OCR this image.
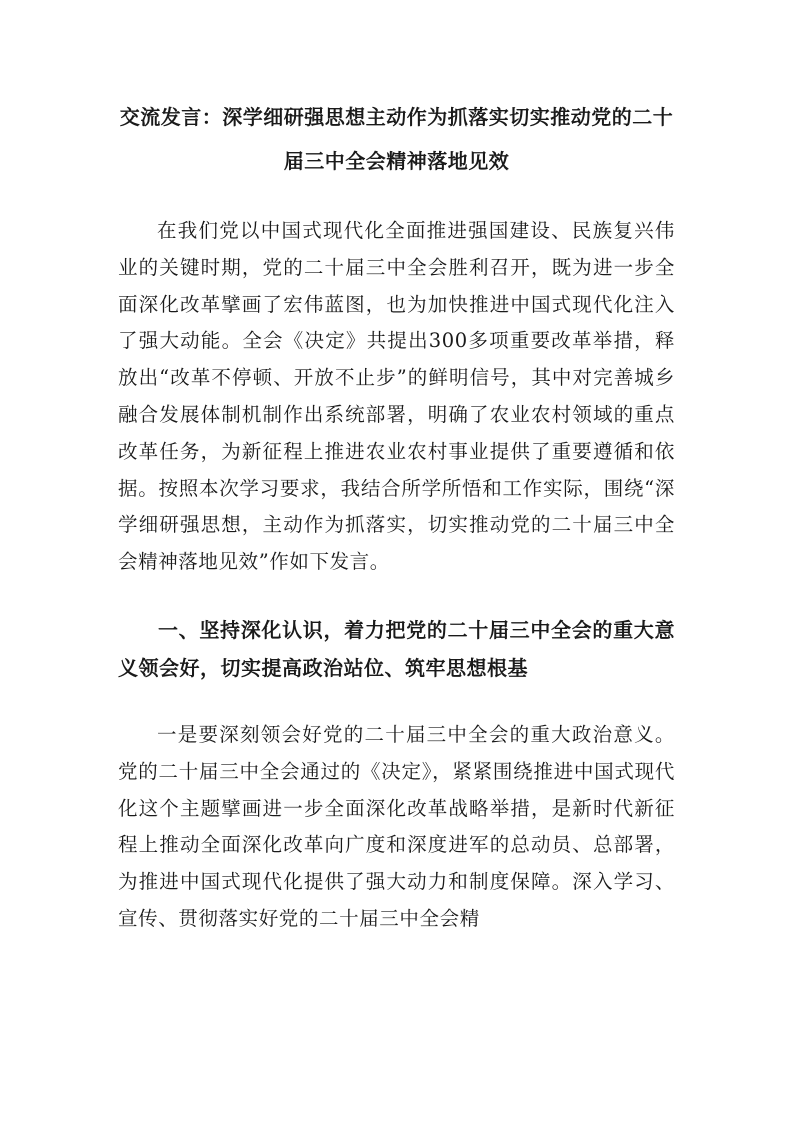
交流发言：深学细研强思想主动作为抓落实切实推动党的二十届三中全会精神落地见效

在我们党以中国式现代化全面推进强国建设、民族复兴伟业的关键时期，党的二十届三中全会胜利召开，既为进一步全面深化改革擘画了宏伟蓝图，也为加快推进中国式现代化注入了强大动能。全会《决定》共提出300多项重要改革举措，释放出“改革不停顿、开放不止步”的鲜明信号，其中对完善城乡融合发展体制机制作出系统部署，明确了农业农村领域的重点改革任务，为新征程上推进农业农村事业提供了重要遵循和依据。按照本次学习要求，我结合所学所悟和工作实际，围绕“深学细研强思想，主动作为抓落实，切实推动党的二十届三中全会精神落地见效”作如下发言。

一、坚持深化认识，着力把党的二十届三中全会的重大意义领会好，切实提高政治站位、筑牢思想根基

一是要深刻领会好党的二十届三中全会的重大政治意义。党的二十届三中全会通过的《决定》，紧紧围绕推进中国式现代化这个主题擘画进一步全面深化改革战略举措，是新时代新征程上推动全面深化改革向广度和深度进军的总动员、总部署，为推进中国式现代化提供了强大动力和制度保障。深入学习、宣传、贯彻落实好党的二十届三中全会精
